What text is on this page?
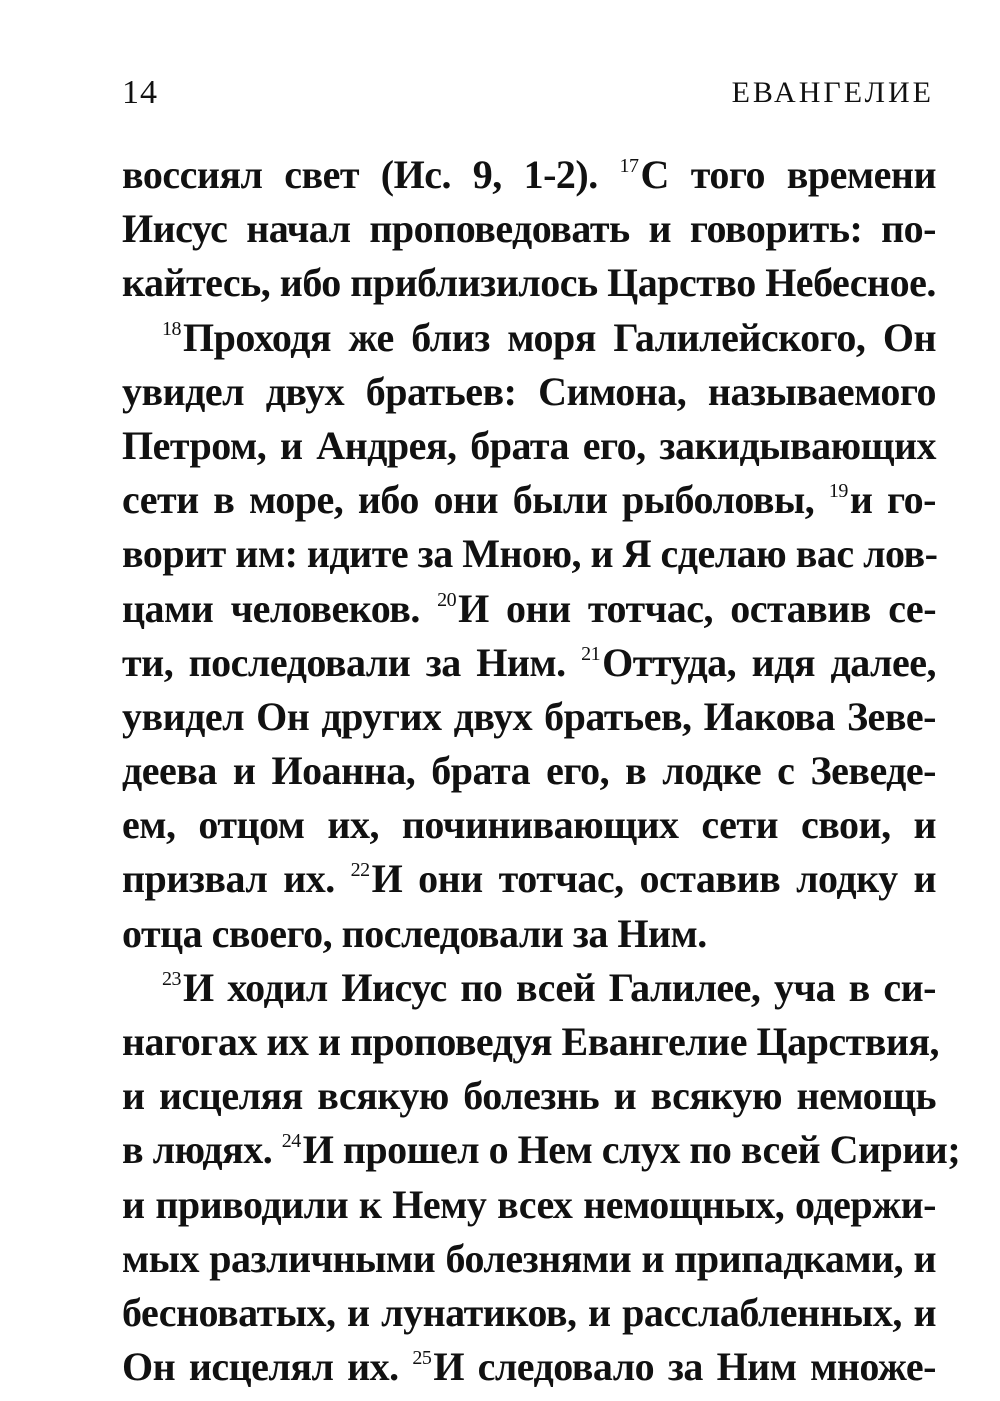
14	ЕВАНГЕЛИЕ
воссиял свет (Ис. 9, 1-2). $^{17}$С того времени
Иисус начал проповедовать и говорить: по-
кайтесь, ибо приблизилось Царство Небесное.
$^{18}$Проходя же близ моря Галилейского, Он
увидел двух братьев: Симона, называемого
Петром, и Андрея, брата его, закидывающих
сети в море, ибо они были рыболовы, $^{19}$и го-
ворит им: идите за Мною, и Я сделаю вас лов-
цами человеков. $^{20}$И они тотчас, оставив се-
ти, последовали за Ним. $^{21}$Оттуда, идя далее,
увидел Он других двух братьев, Иакова Зеве-
деева и Иоанна, брата его, в лодке с Зеведе-
ем, отцом их, починивающих сети свои, и
призвал их. $^{22}$И они тотчас, оставив лодку и
отца своего, последовали за Ним.
$^{23}$И ходил Иисус по всей Галилее, уча в си-
нагогах их и проповедуя Евангелие Царствия,
и исцеляя всякую болезнь и всякую немощь
в людях. $^{24}$И прошел о Нем слух по всей Сирии;
и приводили к Нему всех немощных, одержи-
мых различными болезнями и припадками, и
бесноватых, и лунатиков, и расслабленных, и
Он исцелял их. $^{25}$И следовало за Ним множе-
